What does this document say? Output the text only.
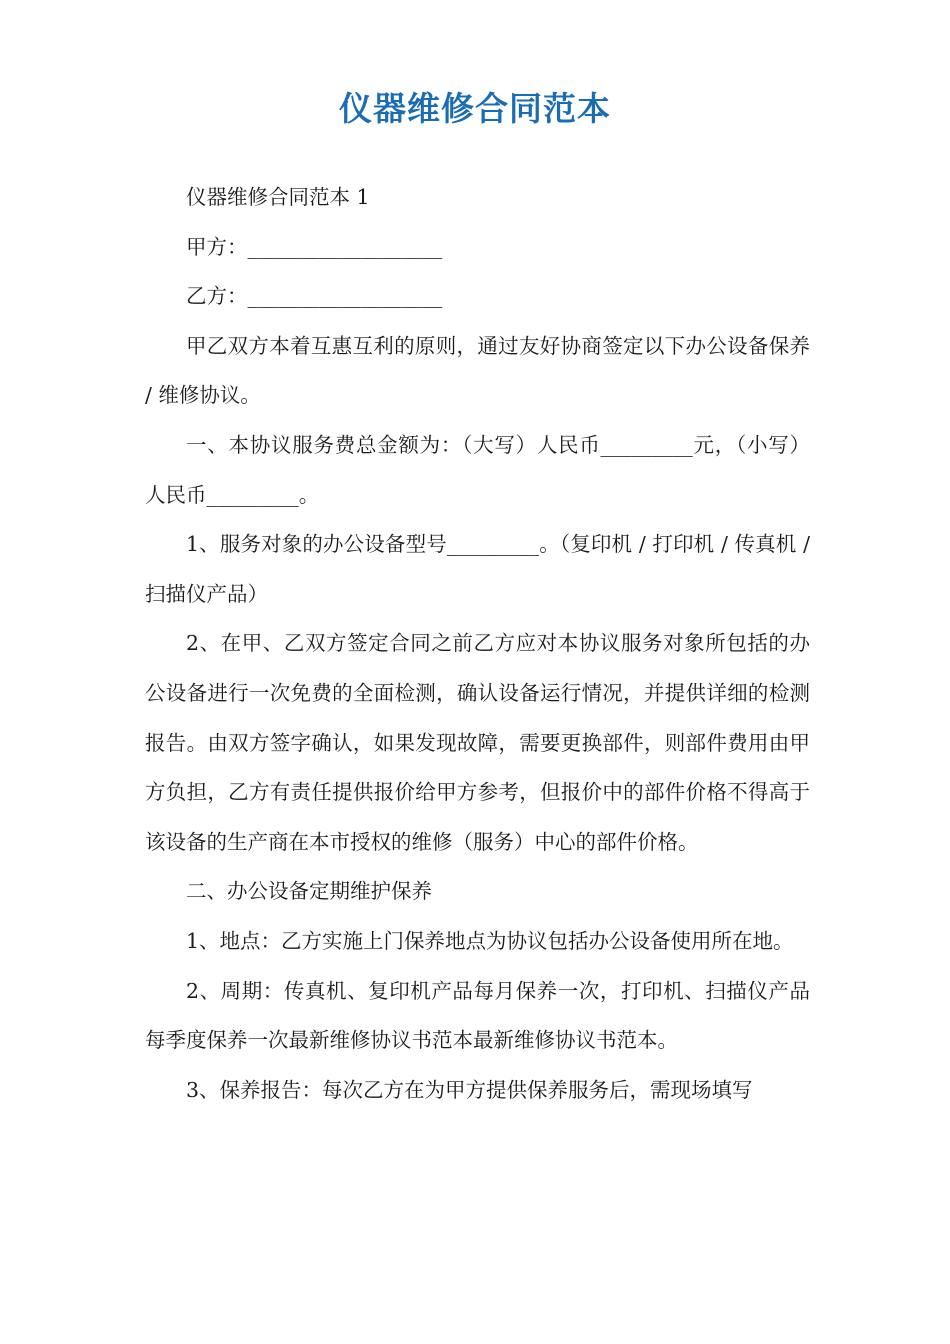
仪器维修合同范本

仪器维修合同范本 1

甲方：___________________

乙方：___________________

甲乙双方本着互惠互利的原则，通过友好协商签定以下办公设备保养 / 维修协议。

一、本协议服务费总金额为：（大写）人民币_________元，（小写）人民币_________。

1、服务对象的办公设备型号_________。（复印机 / 打印机 / 传真机 / 扫描仪产品）

2、在甲、乙双方签定合同之前乙方应对本协议服务对象所包括的办公设备进行一次免费的全面检测，确认设备运行情况，并提供详细的检测报告。由双方签字确认，如果发现故障，需要更换部件，则部件费用由甲方负担，乙方有责任提供报价给甲方参考，但报价中的部件价格不得高于该设备的生产商在本市授权的维修（服务）中心的部件价格。

二、办公设备定期维护保养

1、地点：乙方实施上门保养地点为协议包括办公设备使用所在地。

2、周期：传真机、复印机产品每月保养一次，打印机、扫描仪产品每季度保养一次最新维修协议书范本最新维修协议书范本。

3、保养报告：每次乙方在为甲方提供保养服务后，需现场填写
